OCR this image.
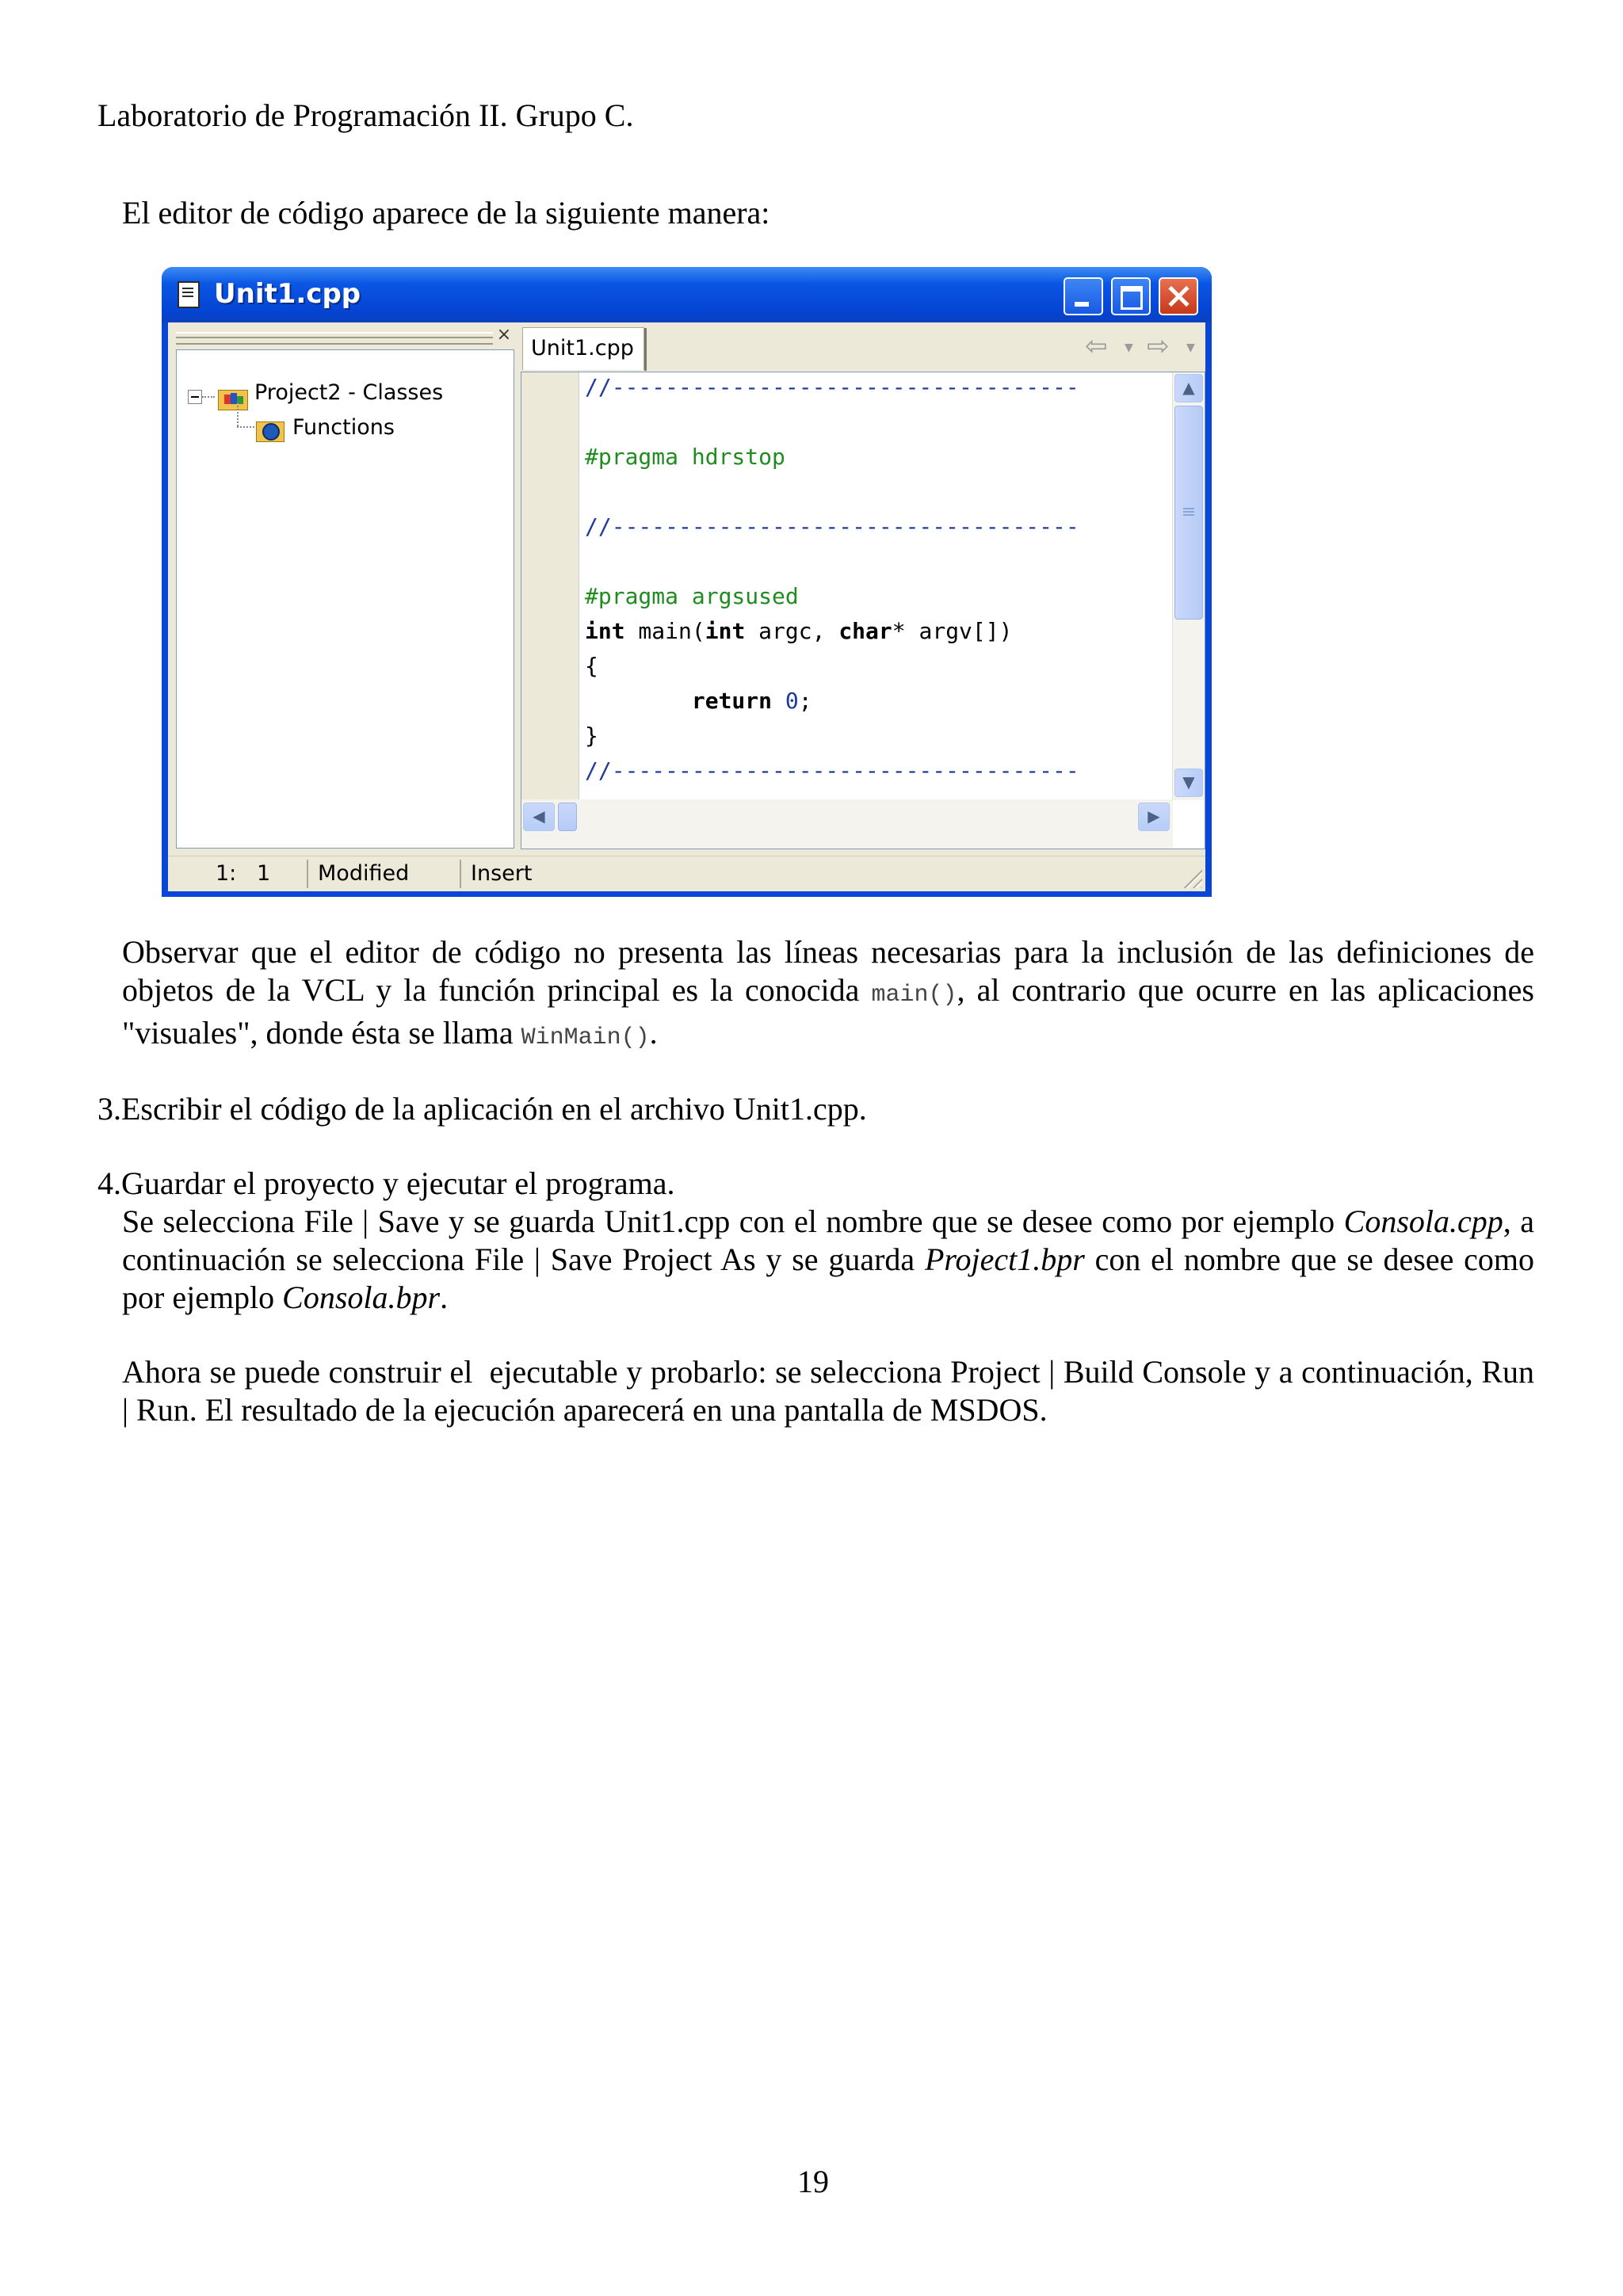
Laboratorio de Programación II. Grupo C.
El editor de código aparece de la siguiente manera:
Unit1.cpp
×
Project2 - Classes
Functions
Unit1.cpp	⇦ ▼ ⇨ ▼
//-----------------------------------
#pragma hdrstop
//-----------------------------------
#pragma argsused
int main(int argc, char* argv[])
{
return 0;
}
//-----------------------------------
▲
▼
◀	▶
1:   1	Modified	Insert
Observar que el editor de código no presenta las líneas necesarias para la inclusión de las definiciones de objetos de la VCL y la función principal es la conocida main(), al contrario que ocurre en las aplicaciones "visuales", donde ésta se llama WinMain().
3.Escribir el código de la aplicación en el archivo Unit1.cpp.
4.Guardar el proyecto y ejecutar el programa.
Se selecciona File | Save y se guarda Unit1.cpp con el nombre que se desee como por ejemplo Consola.cpp, a continuación se selecciona File | Save Project As y se guarda Project1.bpr con el nombre que se desee como por ejemplo Consola.bpr.
Ahora se puede construir el  ejecutable y probarlo: se selecciona Project | Build Console y a continuación, Run | Run. El resultado de la ejecución aparecerá en una pantalla de MSDOS.
19
